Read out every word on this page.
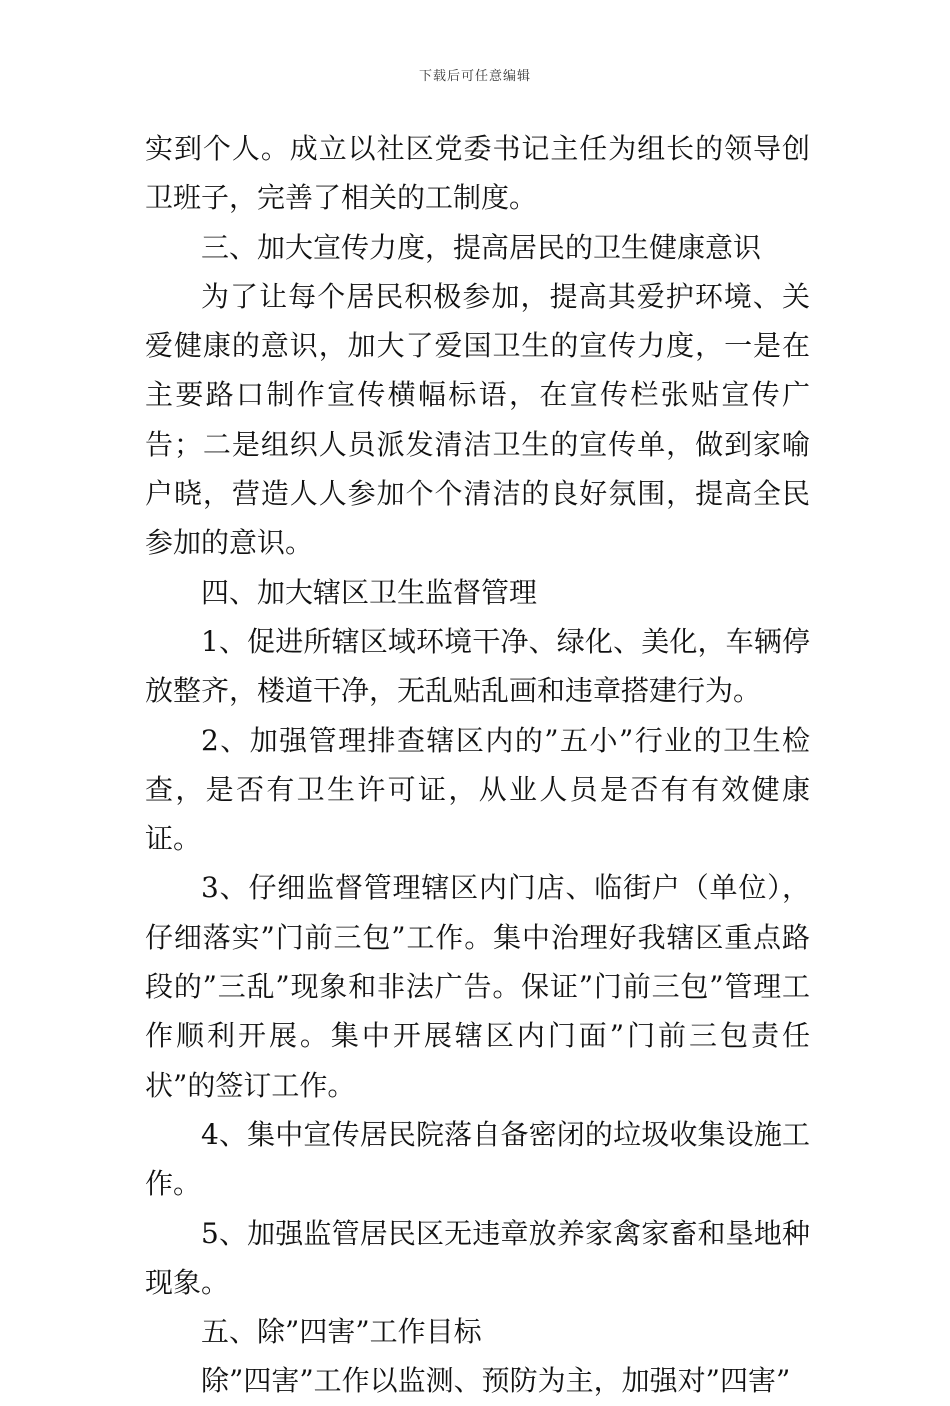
下载后可任意编辑

实到个人。成立以社区党委书记主任为组长的领导创卫班子，完善了相关的工制度。

三、加大宣传力度，提高居民的卫生健康意识

为了让每个居民积极参加，提高其爱护环境、关爱健康的意识，加大了爱国卫生的宣传力度，一是在主要路口制作宣传横幅标语，在宣传栏张贴宣传广告；二是组织人员派发清洁卫生的宣传单，做到家喻户晓，营造人人参加个个清洁的良好氛围，提高全民参加的意识。

四、加大辖区卫生监督管理

1、促进所辖区域环境干净、绿化、美化，车辆停放整齐，楼道干净，无乱贴乱画和违章搭建行为。

2、加强管理排查辖区内的”五小”行业的卫生检查，是否有卫生许可证，从业人员是否有有效健康证。

3、仔细监督管理辖区内门店、临街户（单位），仔细落实”门前三包”工作。集中治理好我辖区重点路段的”三乱”现象和非法广告。保证”门前三包”管理工作顺利开展。集中开展辖区内门面”门前三包责任状”的签订工作。

4、集中宣传居民院落自备密闭的垃圾收集设施工作。

5、加强监管居民区无违章放养家禽家畜和垦地种现象。

五、除”四害”工作目标

除”四害”工作以监测、预防为主，加强对”四害”
